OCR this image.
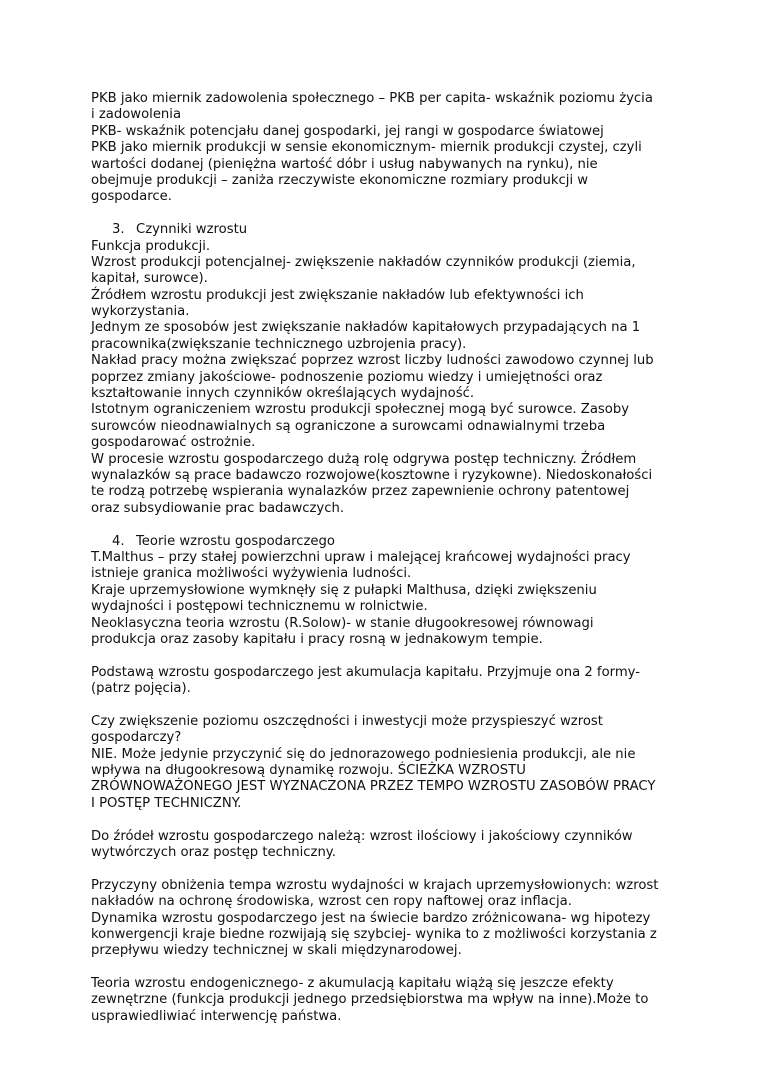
PKB jako miernik zadowolenia społecznego – PKB per capita- wskaźnik poziomu życia
i zadowolenia
PKB- wskaźnik potencjału danej gospodarki, jej rangi w gospodarce światowej
PKB jako miernik produkcji w sensie ekonomicznym- miernik produkcji czystej, czyli
wartości dodanej (pieniężna wartość dóbr i usług nabywanych na rynku), nie
obejmuje produkcji – zaniża rzeczywiste ekonomiczne rozmiary produkcji w
gospodarce.
3. Czynniki wzrostu
Funkcja produkcji.
Wzrost produkcji potencjalnej- zwiększenie nakładów czynników produkcji (ziemia,
kapitał, surowce).
Źródłem wzrostu produkcji jest zwiększanie nakładów lub efektywności ich
wykorzystania.
Jednym ze sposobów jest zwiększanie nakładów kapitałowych przypadających na 1
pracownika(zwiększanie technicznego uzbrojenia pracy).
Nakład pracy można zwiększać poprzez wzrost liczby ludności zawodowo czynnej lub
poprzez zmiany jakościowe- podnoszenie poziomu wiedzy i umiejętności oraz
kształtowanie innych czynników określających wydajność.
Istotnym ograniczeniem wzrostu produkcji społecznej mogą być surowce. Zasoby
surowców nieodnawialnych są ograniczone a surowcami odnawialnymi trzeba
gospodarować ostrożnie.
W procesie wzrostu gospodarczego dużą rolę odgrywa postęp techniczny. Źródłem
wynalazków są prace badawczo rozwojowe(kosztowne i ryzykowne). Niedoskonałości
te rodzą potrzebę wspierania wynalazków przez zapewnienie ochrony patentowej
oraz subsydiowanie prac badawczych.
4. Teorie wzrostu gospodarczego
T.Malthus – przy stałej powierzchni upraw i malejącej krańcowej wydajności pracy
istnieje granica możliwości wyżywienia ludności.
Kraje uprzemysłowione wymknęły się z pułapki Malthusa, dzięki zwiększeniu
wydajności i postępowi technicznemu w rolnictwie.
Neoklasyczna teoria wzrostu (R.Solow)- w stanie długookresowej równowagi
produkcja oraz zasoby kapitału i pracy rosną w jednakowym tempie.
Podstawą wzrostu gospodarczego jest akumulacja kapitału. Przyjmuje ona 2 formy-
(patrz pojęcia).
Czy zwiększenie poziomu oszczędności i inwestycji może przyspieszyć wzrost
gospodarczy?
NIE. Może jedynie przyczynić się do jednorazowego podniesienia produkcji, ale nie
wpływa na długookresową dynamikę rozwoju. ŚCIEŻKA WZROSTU
ZRÓWNOWAŻONEGO JEST WYZNACZONA PRZEZ TEMPO WZROSTU ZASOBÓW PRACY
I POSTĘP TECHNICZNY.
Do źródeł wzrostu gospodarczego należą: wzrost ilościowy i jakościowy czynników
wytwórczych oraz postęp techniczny.
Przyczyny obniżenia tempa wzrostu wydajności w krajach uprzemysłowionych: wzrost
nakładów na ochronę środowiska, wzrost cen ropy naftowej oraz inflacja.
Dynamika wzrostu gospodarczego jest na świecie bardzo zróżnicowana- wg hipotezy
konwergencji kraje biedne rozwijają się szybciej- wynika to z możliwości korzystania z
przepływu wiedzy technicznej w skali międzynarodowej.
Teoria wzrostu endogenicznego- z akumulacją kapitału wiążą się jeszcze efekty
zewnętrzne (funkcja produkcji jednego przedsiębiorstwa ma wpływ na inne).Może to
usprawiedliwiać interwencję państwa.
